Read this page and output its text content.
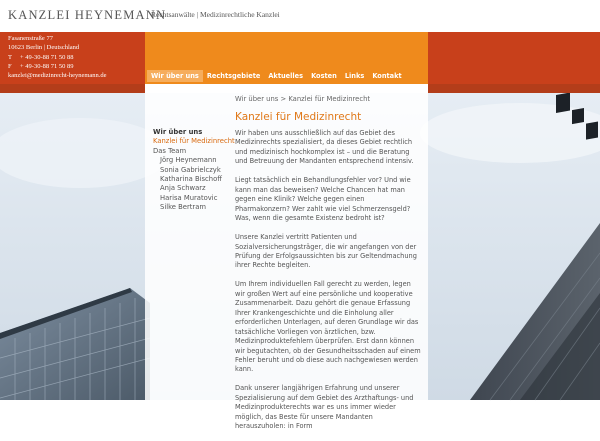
KANZLEI HEYNEMANN
Rechtsanwälte | Medizinrechtliche Kanzlei
Fasanenstraße 77
10623 Berlin | Deutschland
T + 49-30-88 71 50 88
F + 49-30-88 71 50 89
kanzlei@medizinrecht-heynemann.de	Wir über uns	Rechtsgebiete	Aktuelles	Kosten	Links	Kontakt
Wir über uns
Kanzlei für Medizinrecht
Das Team
Jörg Heynemann
Sonia Gabrielczyk
Katharina Bischoff
Anja Schwarz
Harisa Muratovic
Silke Bertram
Wir über uns > Kanzlei für Medizinrecht
Kanzlei für Medizinrecht

Wir haben uns ausschließlich auf das Gebiet des Medizinrechts spezialisiert, da dieses Gebiet rechtlich und medizinisch hochkomplex ist – und die Beratung und Betreuung der Mandanten entsprechend intensiv.

Liegt tatsächlich ein Behandlungsfehler vor? Und wie kann man das beweisen? Welche Chancen hat man gegen eine Klinik? Welche gegen einen Pharmakonzern? Wer zahlt wie viel Schmerzensgeld? Was, wenn die gesamte Existenz bedroht ist?

Unsere Kanzlei vertritt Patienten und Sozialversicherungsträger, die wir angefangen von der Prüfung der Erfolgsaussichten bis zur Geltendmachung ihrer Rechte begleiten.

Um Ihrem individuellen Fall gerecht zu werden, legen wir großen Wert auf eine persönliche und kooperative Zusammenarbeit. Dazu gehört die genaue Erfassung Ihrer Krankengeschichte und die Einholung aller erforderlichen Unterlagen, auf deren Grundlage wir das tatsächliche Vorliegen von ärztlichen, bzw. Medizinproduktefehlern überprüfen. Erst dann können wir begutachten, ob der Gesundheitsschaden auf einem Fehler beruht und ob diese auch nachgewiesen werden kann.

Dank unserer langjährigen Erfahrung und unserer Spezialisierung auf dem Gebiet des Arzthaftungs- und Medizinprodukterechts war es uns immer wieder möglich, das Beste für unsere Mandanten herauszuholen: in Form
